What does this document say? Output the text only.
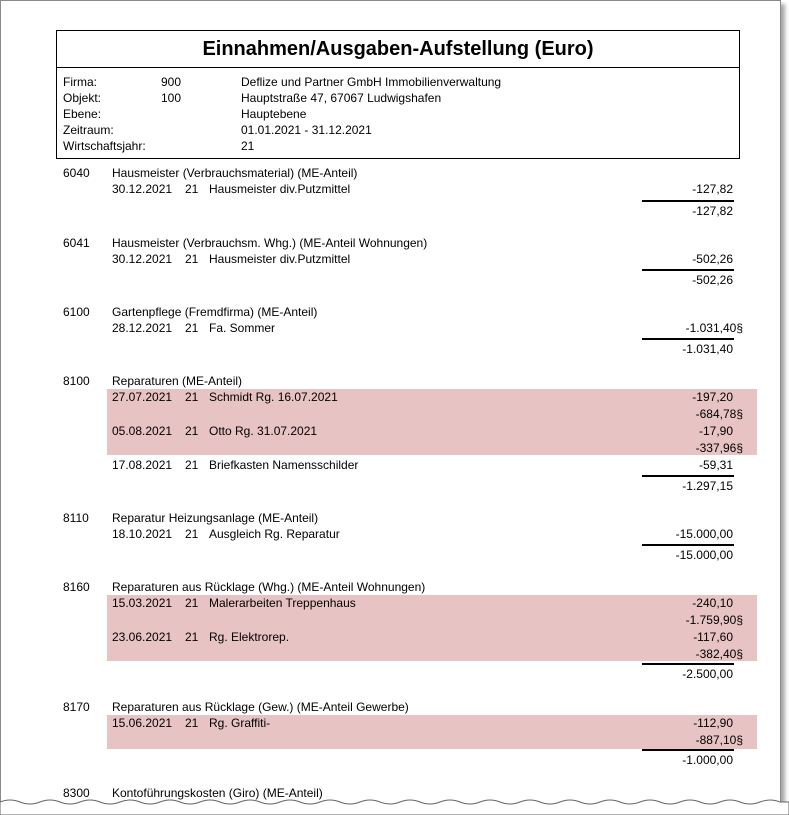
Einnahmen/Ausgaben-Aufstellung (Euro)
Firma:	900	Deflize und Partner GmbH Immobilienverwaltung
Objekt:	100	Hauptstraße 47, 67067 Ludwigshafen
Ebene:	Hauptebene
Zeitraum:	01.01.2021 - 31.12.2021
Wirtschaftsjahr:	21
6040 Hausmeister (Verbrauchsmaterial) (ME-Anteil)
30.12.2021 21 Hausmeister div.Putzmittel	-127,82
-127,82
6041 Hausmeister (Verbrauchsm. Whg.) (ME-Anteil Wohnungen)
30.12.2021 21 Hausmeister div.Putzmittel	-502,26
-502,26
6100 Gartenpflege (Fremdfirma) (ME-Anteil)
28.12.2021 21 Fa. Sommer	-1.031,40§
-1.031,40
8100 Reparaturen (ME-Anteil)
27.07.2021 21 Schmidt Rg. 16.07.2021	-197,20
-684,78§
05.08.2021 21 Otto Rg. 31.07.2021	-17,90
-337,96§
17.08.2021 21 Briefkasten Namensschilder	-59,31
-1.297,15
8110 Reparatur Heizungsanlage (ME-Anteil)
18.10.2021 21 Ausgleich Rg. Reparatur	-15.000,00
-15.000,00
8160 Reparaturen aus Rücklage (Whg.) (ME-Anteil Wohnungen)
15.03.2021 21 Malerarbeiten Treppenhaus	-240,10
-1.759,90§
23.06.2021 21 Rg. Elektrorep.	-117,60
-382,40§
-2.500,00
8170 Reparaturen aus Rücklage (Gew.) (ME-Anteil Gewerbe)
15.06.2021 21 Rg. Graffiti-	-112,90
-887,10§
-1.000,00
8300 Kontoführungskosten (Giro) (ME-Anteil)
